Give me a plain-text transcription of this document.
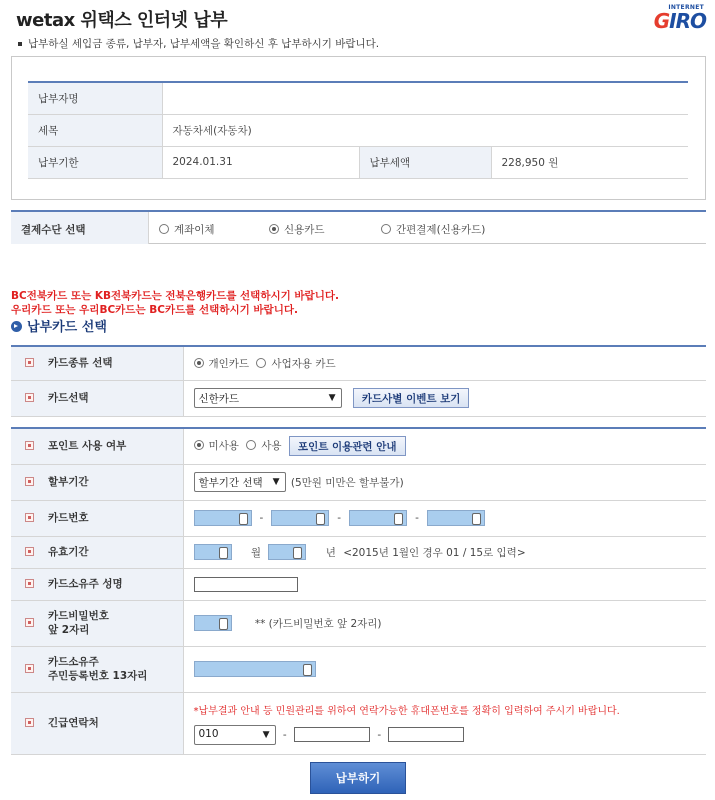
wetax 위택스 인터넷 납부
INTERNET
GIRO
납부하실 세입금 종류, 납부자, 납부세액을 확인하신 후 납부하시기 바랍니다.
납부자명			
세목	자동차세(자동차)		
납부기한	2024.01.31	납부세액	228,950 원
결제수단 선택	계좌이체	신용카드	간편결제(신용카드)
BC전북카드 또는 KB전북카드는 전북은행카드를 선택하시기 바랍니다.
우리카드 또는 우리BC카드는 BC카드를 선택하시기 바랍니다.
납부카드 선택
카드종류 선택	개인카드 사업자용 카드
카드선택	신한카드 ▼ 카드사별 이벤트 보기
포인트 사용 여부	미사용 사용 포인트 이용관련 안내
할부기간	할부기간 선택 ▼ (5만원 미만은 할부불가)
카드번호	- - -
유효기간	월 년 <2015년 1월인 경우 01 / 15로 입력>
카드소유주 성명	
카드비밀번호
앞 2자리	** (카드비밀번호 앞 2자리)
카드소유주
주민등록번호 13자리	
긴급연락처	*납부결과 안내 등 민원관리를 위하여 연락가능한 휴대폰번호를 정확히 입력하여 주시기 바랍니다.
010 ▼ - -
납부하기
